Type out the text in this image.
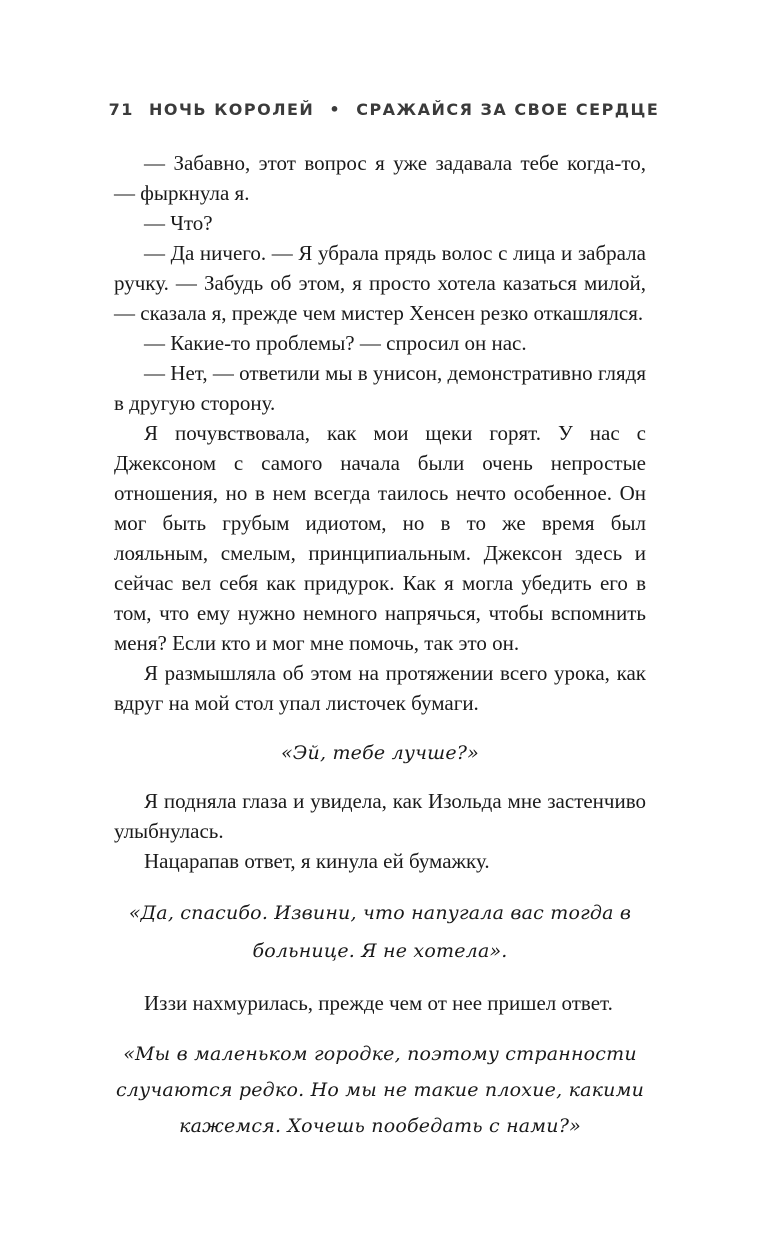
71 НОЧЬ КОРОЛЕЙ • СРАЖАЙСЯ ЗА СВОЕ СЕРДЦЕ

— Забавно, этот вопрос я уже задавала тебе когда-то, — фыркнула я.

— Что?

— Да ничего. — Я убрала прядь волос с лица и забрала ручку. — Забудь об этом, я просто хотела казаться милой, — сказала я, прежде чем мистер Хенсен резко откашлялся.

— Какие-то проблемы? — спросил он нас.

— Нет, — ответили мы в унисон, демонстративно глядя в другую сторону.

Я почувствовала, как мои щеки горят. У нас с Джексоном с самого начала были очень непростые отношения, но в нем всегда таилось нечто особенное. Он мог быть грубым идиотом, но в то же время был лояльным, смелым, принципиальным. Джексон здесь и сейчас вел себя как придурок. Как я могла убедить его в том, что ему нужно немного напрячься, чтобы вспомнить меня? Если кто и мог мне помочь, так это он.

Я размышляла об этом на протяжении всего урока, как вдруг на мой стол упал листочек бумаги.

«Эй, тебе лучше?»

Я подняла глаза и увидела, как Изольда мне застенчиво улыбнулась.

Нацарапав ответ, я кинула ей бумажку.

«Да, спасибо. Извини, что напугала вас тогда в больнице. Я не хотела».

Иззи нахмурилась, прежде чем от нее пришел ответ.

«Мы в маленьком городке, поэтому странности случаются редко. Но мы не такие плохие, какими кажемся. Хочешь пообедать с нами?»
